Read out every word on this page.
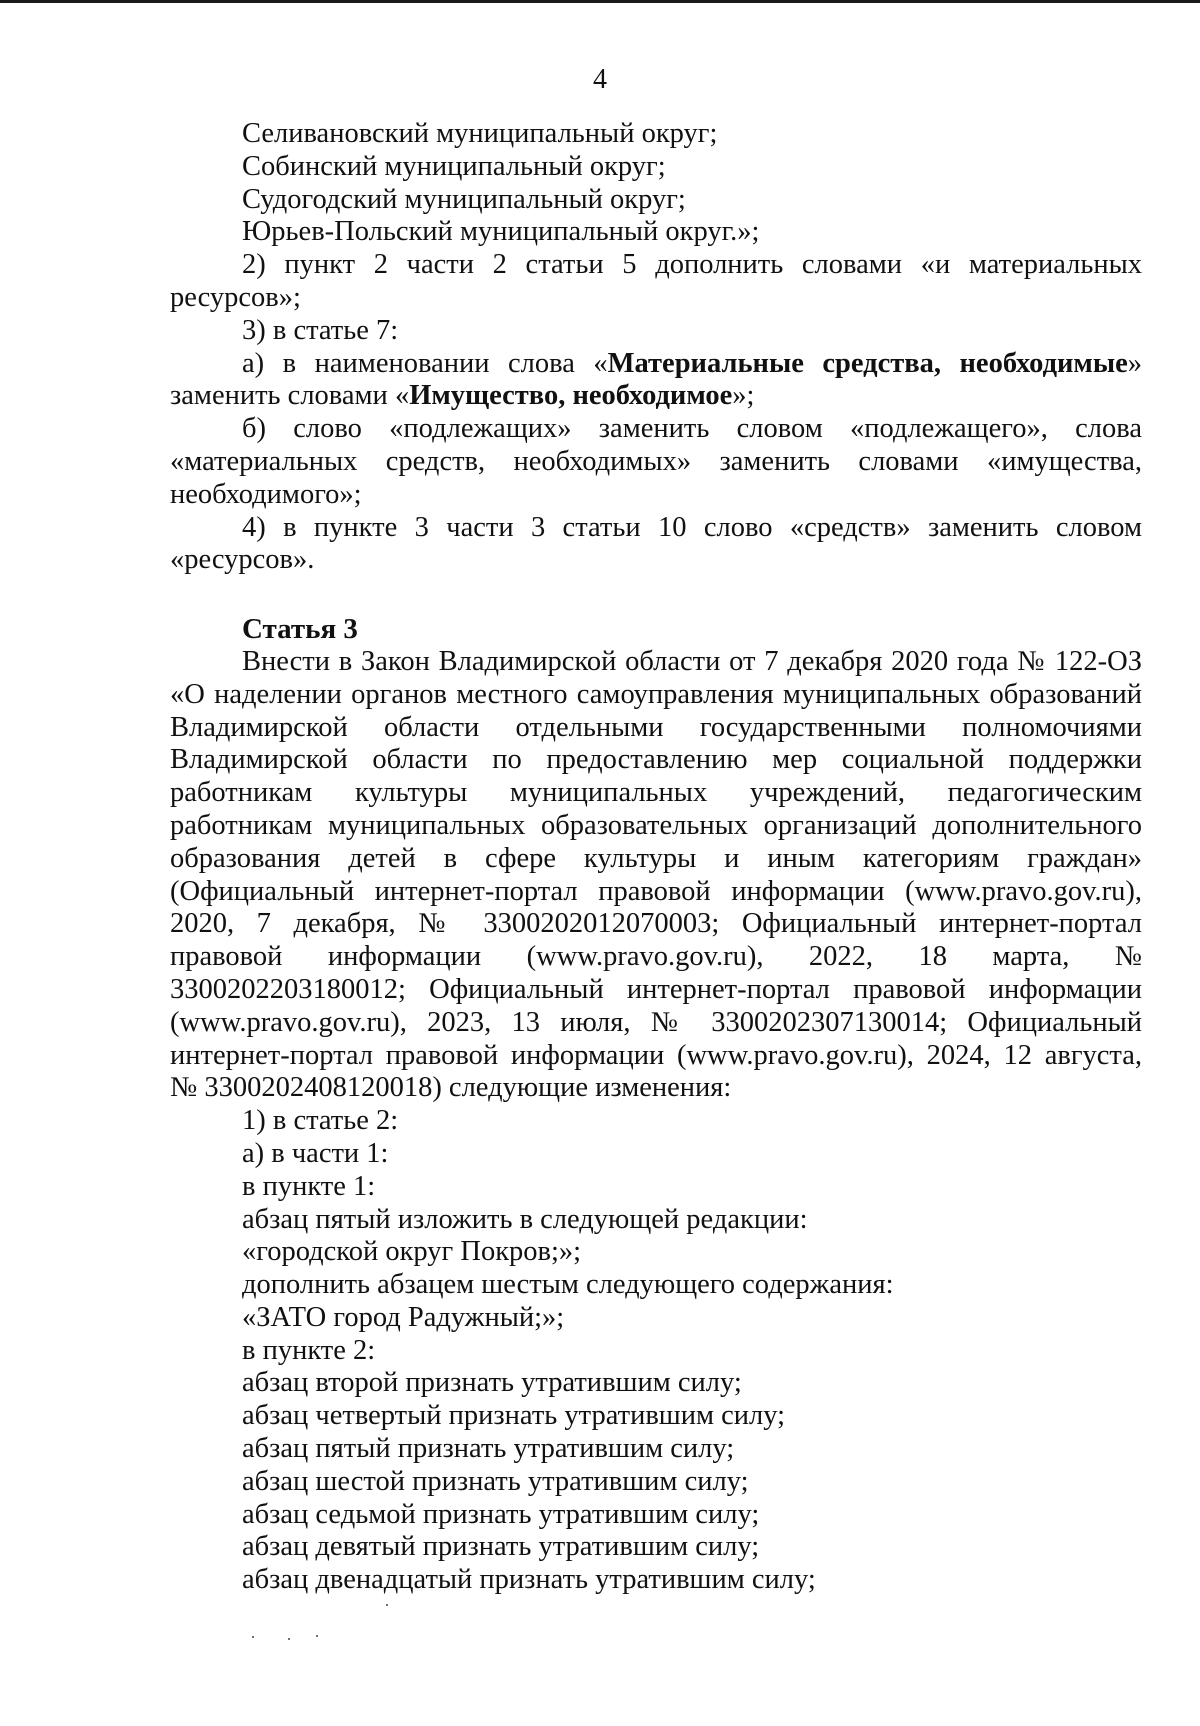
4

Селивановский муниципальный округ;

Собинский муниципальный округ;

Судогодский муниципальный округ;

Юрьев-Польский муниципальный округ.»;

2) пункт 2 части 2 статьи 5 дополнить словами «и материальных ресурсов»;

3) в статье 7:

а) в наименовании слова «Материальные средства, необходимые» заменить словами «Имущество, необходимое»;

б) слово «подлежащих» заменить словом «подлежащего», слова «материальных средств, необходимых» заменить словами «имущества, необходимого»;

4) в пункте 3 части 3 статьи 10 слово «средств» заменить словом «ресурсов».

Статья 3

Внести в Закон Владимирской области от 7 декабря 2020 года № 122-ОЗ «О наделении органов местного самоуправления муниципальных образований Владимирской области отдельными государственными полномочиями Владимирской области по предоставлению мер социальной поддержки работникам культуры муниципальных учреждений, педагогическим работникам муниципальных образовательных организаций дополнительного образования детей в сфере культуры и иным категориям граждан» (Официальный интернет-портал правовой информации (www.pravo.gov.ru), 2020, 7 декабря, № 3300202012070003; Официальный интернет-портал правовой информации (www.pravo.gov.ru), 2022, 18 марта, № 3300202203180012; Официальный интернет-портал правовой информации (www.pravo.gov.ru), 2023, 13 июля, № 3300202307130014; Официальный интернет-портал правовой информации (www.pravo.gov.ru), 2024, 12 августа, № 3300202408120018) следующие изменения:

1) в статье 2:

а) в части 1:

в пункте 1:

абзац пятый изложить в следующей редакции:

«городской округ Покров;»;

дополнить абзацем шестым следующего содержания:

«ЗАТО город Радужный;»;

в пункте 2:

абзац второй признать утратившим силу;

абзац четвертый признать утратившим силу;

абзац пятый признать утратившим силу;

абзац шестой признать утратившим силу;

абзац седьмой признать утратившим силу;

абзац девятый признать утратившим силу;

абзац двенадцатый признать утратившим силу;
